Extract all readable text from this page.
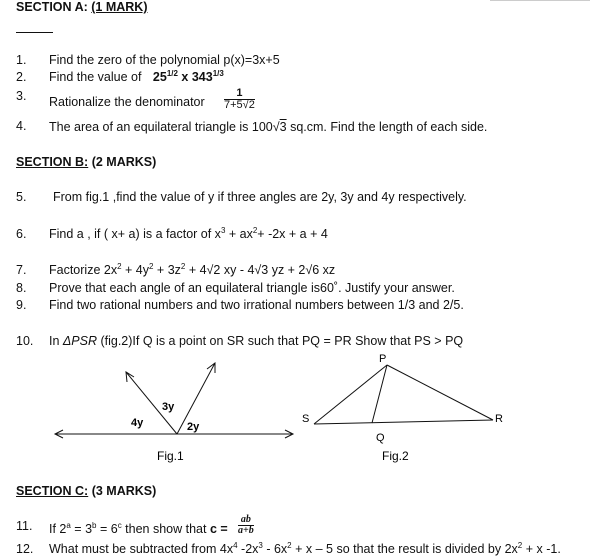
SECTION A: (1 MARK)
1. Find the zero of the polynomial p(x)=3x+5
2. Find the value of $25^{1/2}$ x $343^{1/3}$
3. Rationalize the denominator $\frac{1}{7+5√2}$
4. The area of an equilateral triangle is 100√3 sq.cm. Find the length of each side.
SECTION B: (2 MARKS)
5. From fig.1 ,find the value of y if three angles are 2y, 3y and 4y respectively.
6. Find a , if ( x+ a) is a factor of $x^3 + ax^2+ -2x + a + 4$
7. Factorize $2x^2 + 4y^2 + 3z^2 + 4√2$ xy - 4√3 yz + 2√6 xz
8. Prove that each angle of an equilateral triangle is60˚. Justify your answer.
9. Find two rational numbers and two irrational numbers between 1/3 and 2/5.
10. In ΔPSR (fig.2)If Q is a point on SR such that PQ = PR Show that PS > PQ
3y
4y	2y
Fig.1
P
S	R
Q
Fig.2
SECTION C: (3 MARKS)
11. If $2^a = 3^b = 6^c$ then show that $c = \frac{ab}{a+b}$
12. What must be subtracted from $4x^4$ $-2x^3 - 6x^2 + x - 5$ so that the result is divided by $2x^2 + x$ -1.
